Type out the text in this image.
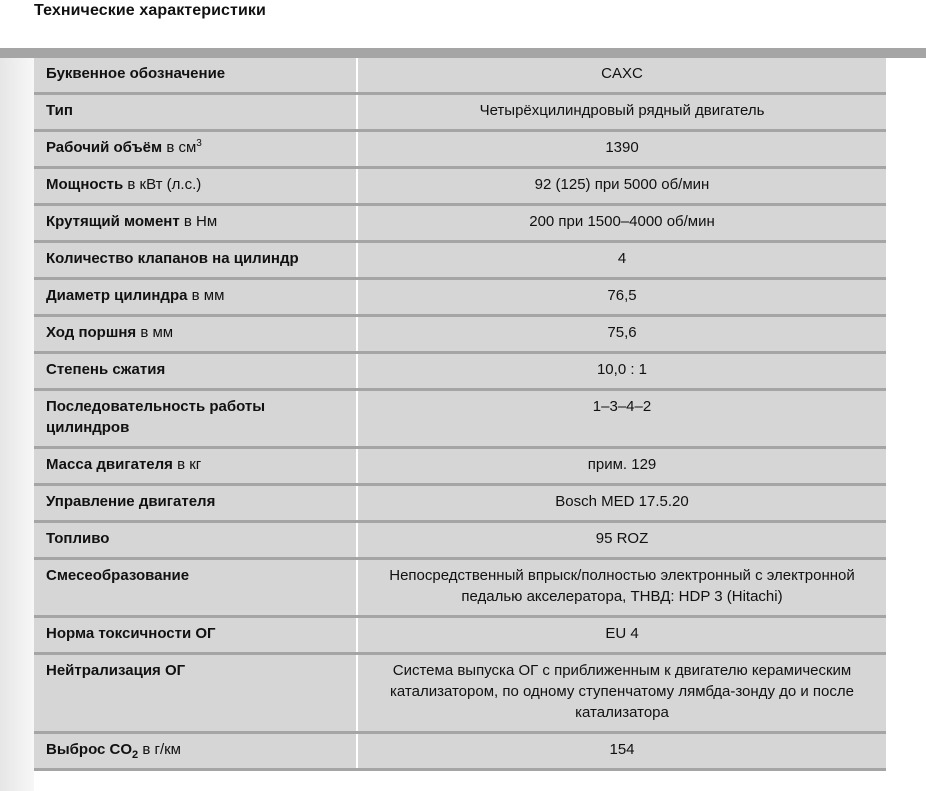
Технические характеристики
Буквенное обозначение		CAXC
Тип		Четырёхцилиндровый рядный двигатель
Рабочий объём в $см^3$		1390
Мощность в кВт (л.с.)		92 (125) при 5000 об/мин
Крутящий момент в Нм		200 при 1500–4000 об/мин
Количество клапанов на цилиндр		4
Диаметр цилиндра в мм		76,5
Ход поршня в мм		75,6
Степень сжатия		10,0 : 1
Последовательность работы цилиндров		1–3–4–2
Масса двигателя в кг		прим. 129
Управление двигателя		Bosch MED 17.5.20
Топливо		95 ROZ
Смесеобразование		Непосредственный впрыск/полностью электронный с электронной педалью акселератора, ТНВД: HDP 3 (Hitachi)
Норма токсичности ОГ		EU 4
Нейтрализация ОГ		Система выпуска ОГ с приближенным к двигателю керамическим катализатором, по одному ступенчатому лямбда-зонду до и после катализатора
Выброс $CO_2$ в г/км		154
